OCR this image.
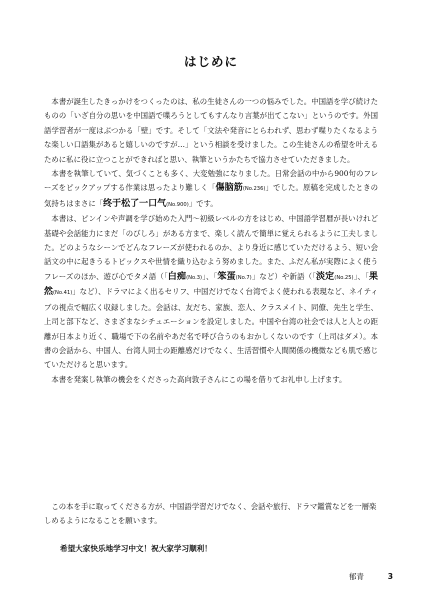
はじめに

本書が誕生したきっかけをつくったのは、私の生徒さんの一つの悩みでした。中国語を学び続けたものの「いざ自分の思いを中国語で喋ろうとしてもすんなり言葉が出てこない」というのです。外国語学習者が一度はぶつかる「壁」です。そして「文法や発音にとらわれず、思わず喋りたくなるような楽しい口語集があると嬉しいのですが…」という相談を受けました。この生徒さんの希望を叶えるために私に役に立つことができればと思い、執筆というかたちで協力させていただきました。

本書を執筆していて、気づくことも多く、大変勉強になりました。日常会話の中から900句のフレーズをピックアップする作業は思ったより難しく「傷脑筋(No.236)」でした。原稿を完成したときの気持ちはまさに「终于松了一口气(No.900)」です。

本書は、ピンインや声調を学び始めた入門～初級レベルの方をはじめ、中国語学習暦が長いけれど基礎や会話能力にまだ「のびしろ」がある方まで、楽しく読んで簡単に覚えられるように工夫しました。どのようなシーンでどんなフレーズが使われるのか、より身近に感じていただけるよう、短い会話文の中に起きうるトピックスや世情を織り込むよう努めました。また、ふだん私が実際によく使うフレーズのほか、遊び心でタメ語（「白痴(No.3)」、「笨蛋(No.7)」など）や新語（「淡定(No.25)」、「果然(No.41)」など）、ドラマによく出るセリフ、中国だけでなく台湾でよく使われる表現など、ネイティブの視点で幅広く収録しました。会話は、友だち、家族、恋人、クラスメイト、同僚、先生と学生、上司と部下など、さまざまなシチュエーションを設定しました。中国や台湾の社会では人と人との距離が日本より近く、職場で下の名前やあだ名で呼び合うのもおかしくないのです（上司はダメ）。本書の会話から、中国人、台湾人同士の距離感だけでなく、生活習慣や人間関係の機微なども肌で感じていただけると思います。

本書を発案し執筆の機会をくださった高向敦子さんにこの場を借りてお礼申し上げます。

この本を手に取ってくださる方が、中国語学習だけでなく、会話や旅行、ドラマ鑑賞などを一層楽しめるようになることを願います。

希望大家快乐地学习中文！祝大家学习顺利！
郁青	3
